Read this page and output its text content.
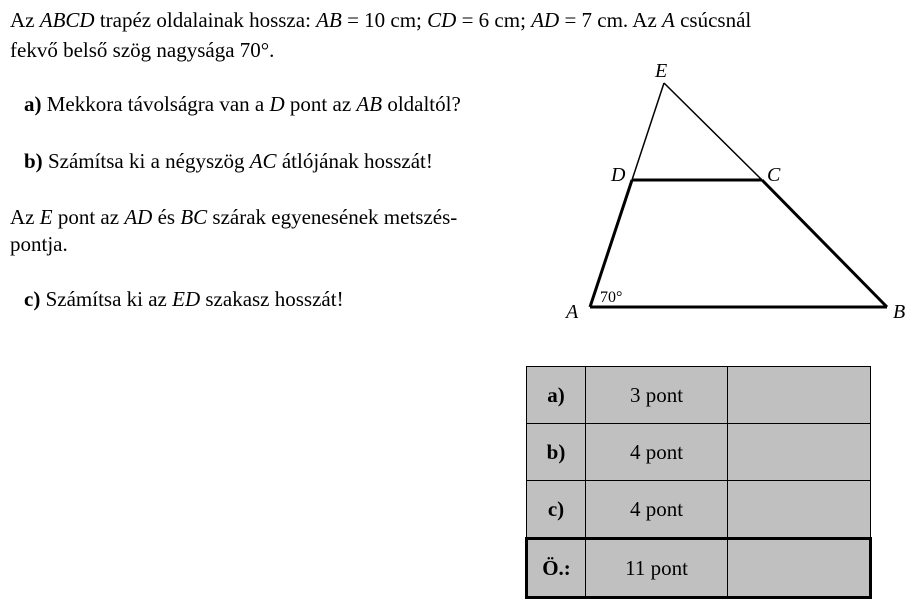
Az ABCD trapéz oldalainak hossza: AB = 10 cm; CD = 6 cm; AD = 7 cm. Az A csúcsnál
fekvő belső szög nagysága 70°.
a) Mekkora távolságra van a D pont az AB oldaltól?
b) Számítsa ki a négyszög AC átlójának hosszát!
Az E pont az AD és BC szárak egyenesének metszés-
pontja.
c) Számítsa ki az ED szakasz hosszát!
E
D	C
A	B
70°
a)	3 pont	
b)	4 pont	
c)	4 pont	
Ö.:	11 pont	
